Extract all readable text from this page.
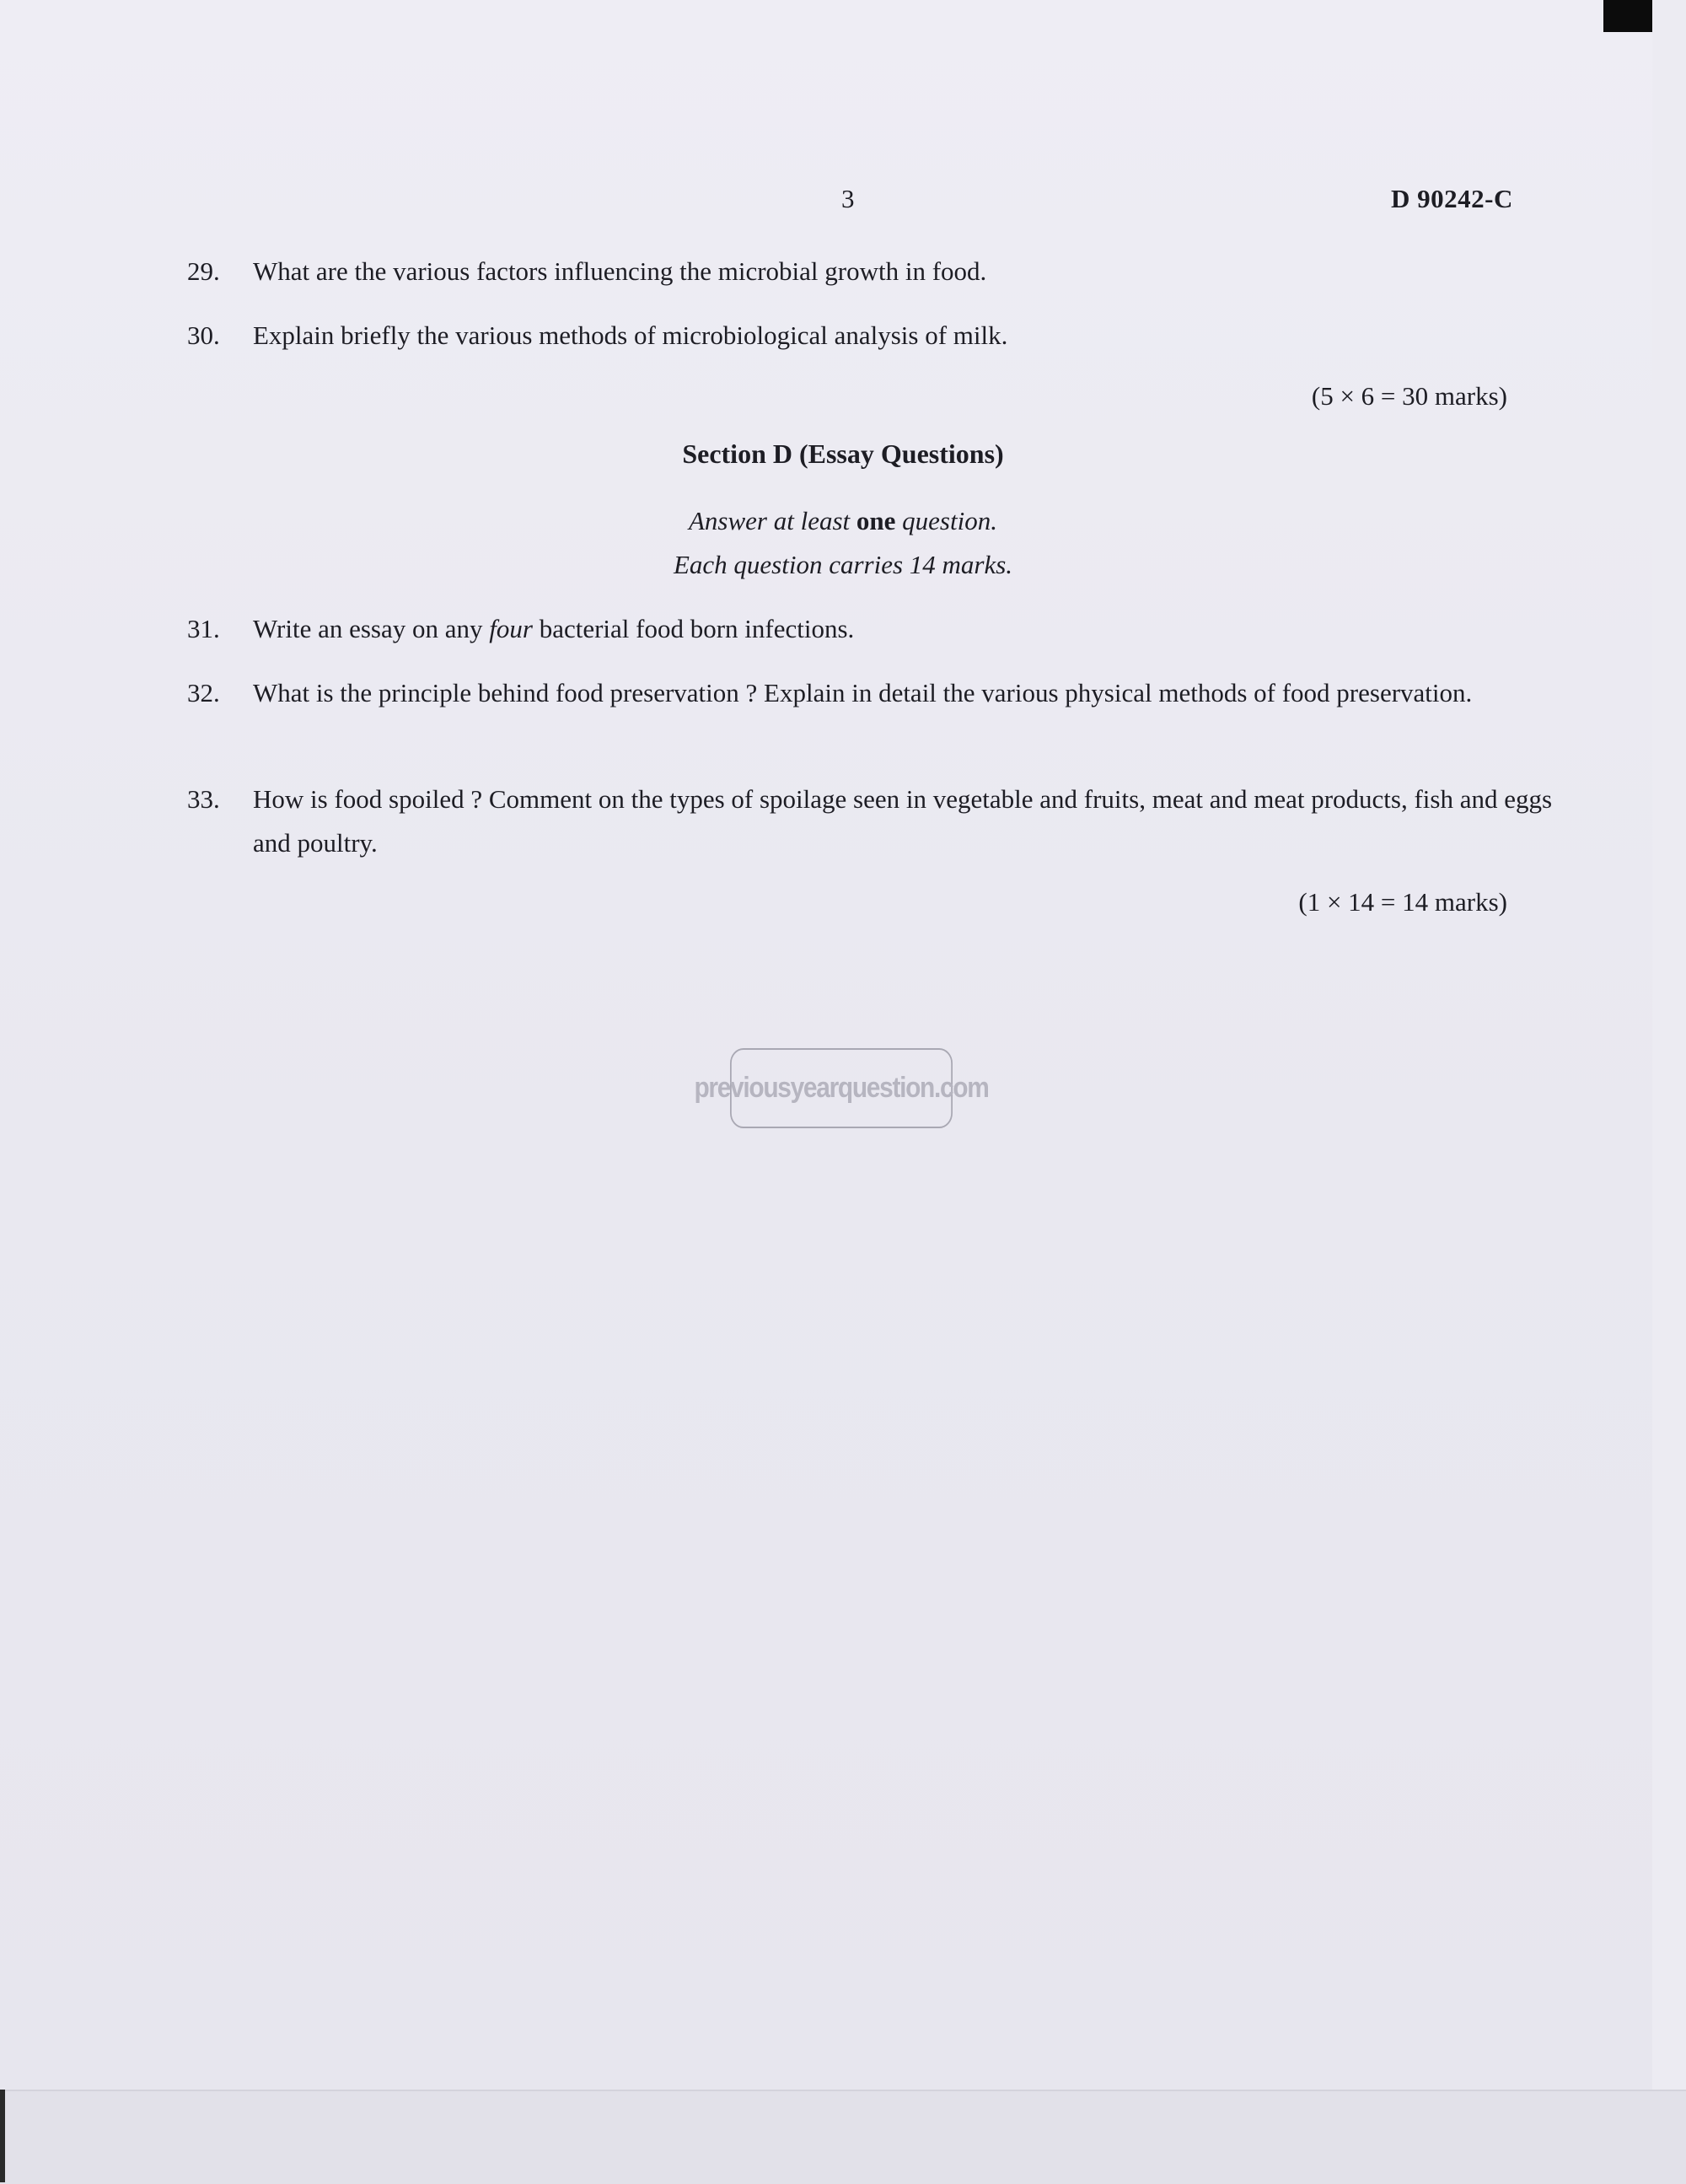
3	D 90242-C
29. What are the various factors influencing the microbial growth in food.
30. Explain briefly the various methods of microbiological analysis of milk.
(5 × 6 = 30 marks)
Section D (Essay Questions)
Answer at least one question.
Each question carries 14 marks.
31. Write an essay on any four bacterial food born infections.
32. What is the principle behind food preservation ? Explain in detail the various physical methods of food preservation.
33. How is food spoiled ? Comment on the types of spoilage seen in vegetable and fruits, meat and meat products, fish and eggs and poultry.
(1 × 14 = 14 marks)
previousyearquestion.com
